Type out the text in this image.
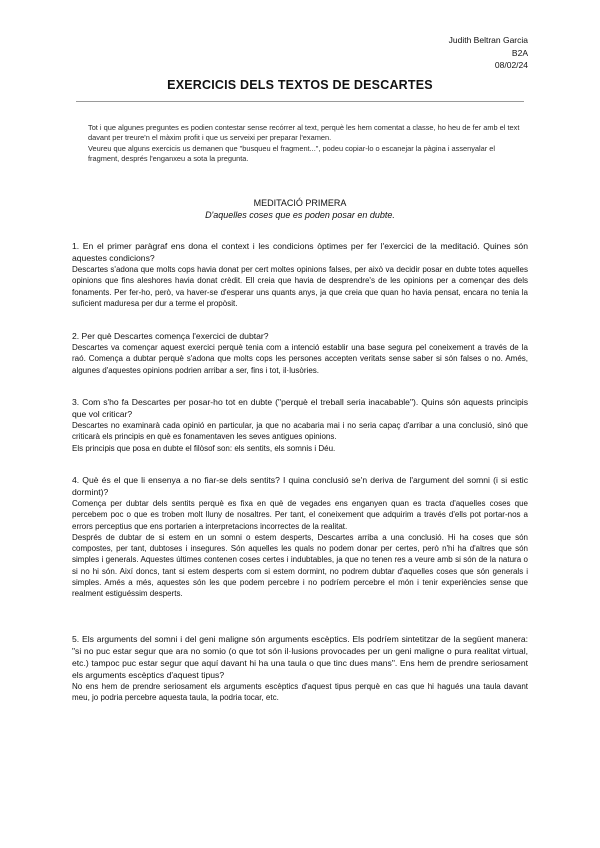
Judith Beltran Garcia
B2A
08/02/24
EXERCICIS DELS TEXTOS DE DESCARTES

Tot i que algunes preguntes es podien contestar sense recórrer al text, perquè les hem comentat a classe, ho heu de fer amb el text davant per treure'n el màxim profit i que us serveixi per preparar l'examen.

Veureu que alguns exercicis us demanen que "busqueu el fragment...", podeu copiar-lo o escanejar la pàgina i assenyalar el fragment, després l'enganxeu a sota la pregunta.

MEDITACIÓ PRIMERA
D'aquelles coses que es poden posar en dubte.

1. En el primer paràgraf ens dona el context i les condicions òptimes per fer l'exercici de la meditació. Quines són aquestes condicions?

Descartes s'adona que molts cops havia donat per cert moltes opinions falses, per això va decidir posar en dubte totes aquelles opinions que fins aleshores havia donat crèdit. Ell creia que havia de desprendre's de les opinions per a començar des dels fonaments. Per fer-ho, però, va haver-se d'esperar uns quants anys, ja que creia que quan ho havia pensat, encara no tenia la suficient maduresa per dur a terme el propòsit.

2. Per què Descartes comença l'exercici de dubtar?

Descartes va començar aquest exercici perquè tenia com a intenció establir una base segura pel coneixement a través de la raó. Comença a dubtar perquè s'adona que molts cops les persones accepten veritats sense saber si són falses o no. Amés, algunes d'aquestes opinions podrien arribar a ser, fins i tot, il·lusòries.

3. Com s'ho fa Descartes per posar-ho tot en dubte ("perquè el treball seria inacabable"). Quins són aquests principis que vol criticar?

Descartes no examinarà cada opinió en particular, ja que no acabaria mai i no seria capaç d'arribar a una conclusió, sinó que criticarà els principis en què es fonamentaven les seves antigues opinions.

Els principis que posa en dubte el filòsof son: els sentits, els somnis i Déu.

4. Què és el que li ensenya a no fiar-se dels sentits? I quina conclusió se'n deriva de l'argument del somni (i si estic dormint)?

Comença per dubtar dels sentits perquè es fixa en què de vegades ens enganyen quan es tracta d'aquelles coses que percebem poc o que es troben molt lluny de nosaltres. Per tant, el coneixement que adquirim a través d'ells pot portar-nos a errors perceptius que ens portarien a interpretacions incorrectes de la realitat.

Després de dubtar de si estem en un somni o estem desperts, Descartes arriba a una conclusió. Hi ha coses que són compostes, per tant, dubtoses i insegures. Són aquelles les quals no podem donar per certes, però n'hi ha d'altres que són simples i generals. Aquestes últimes contenen coses certes i indubtables, ja que no tenen res a veure amb si són de la natura o si no hi són. Així doncs, tant si estem desperts com si estem dormint, no podrem dubtar d'aquelles coses que són generals i simples. Amés a més, aquestes són les que podem percebre i no podríem percebre el món i tenir experiències sense que realment estiguéssim desperts.

5. Els arguments del somni i del geni maligne són arguments escèptics. Els podríem sintetitzar de la següent manera: "si no puc estar segur que ara no somio (o que tot són il·lusions provocades per un geni maligne o pura realitat virtual, etc.) tampoc puc estar segur que aquí davant hi ha una taula o que tinc dues mans". Ens hem de prendre seriosament els arguments escèptics d'aquest tipus?

No ens hem de prendre seriosament els arguments escèptics d'aquest tipus perquè en cas que hi hagués una taula davant meu, jo podria percebre aquesta taula, la podria tocar, etc.
